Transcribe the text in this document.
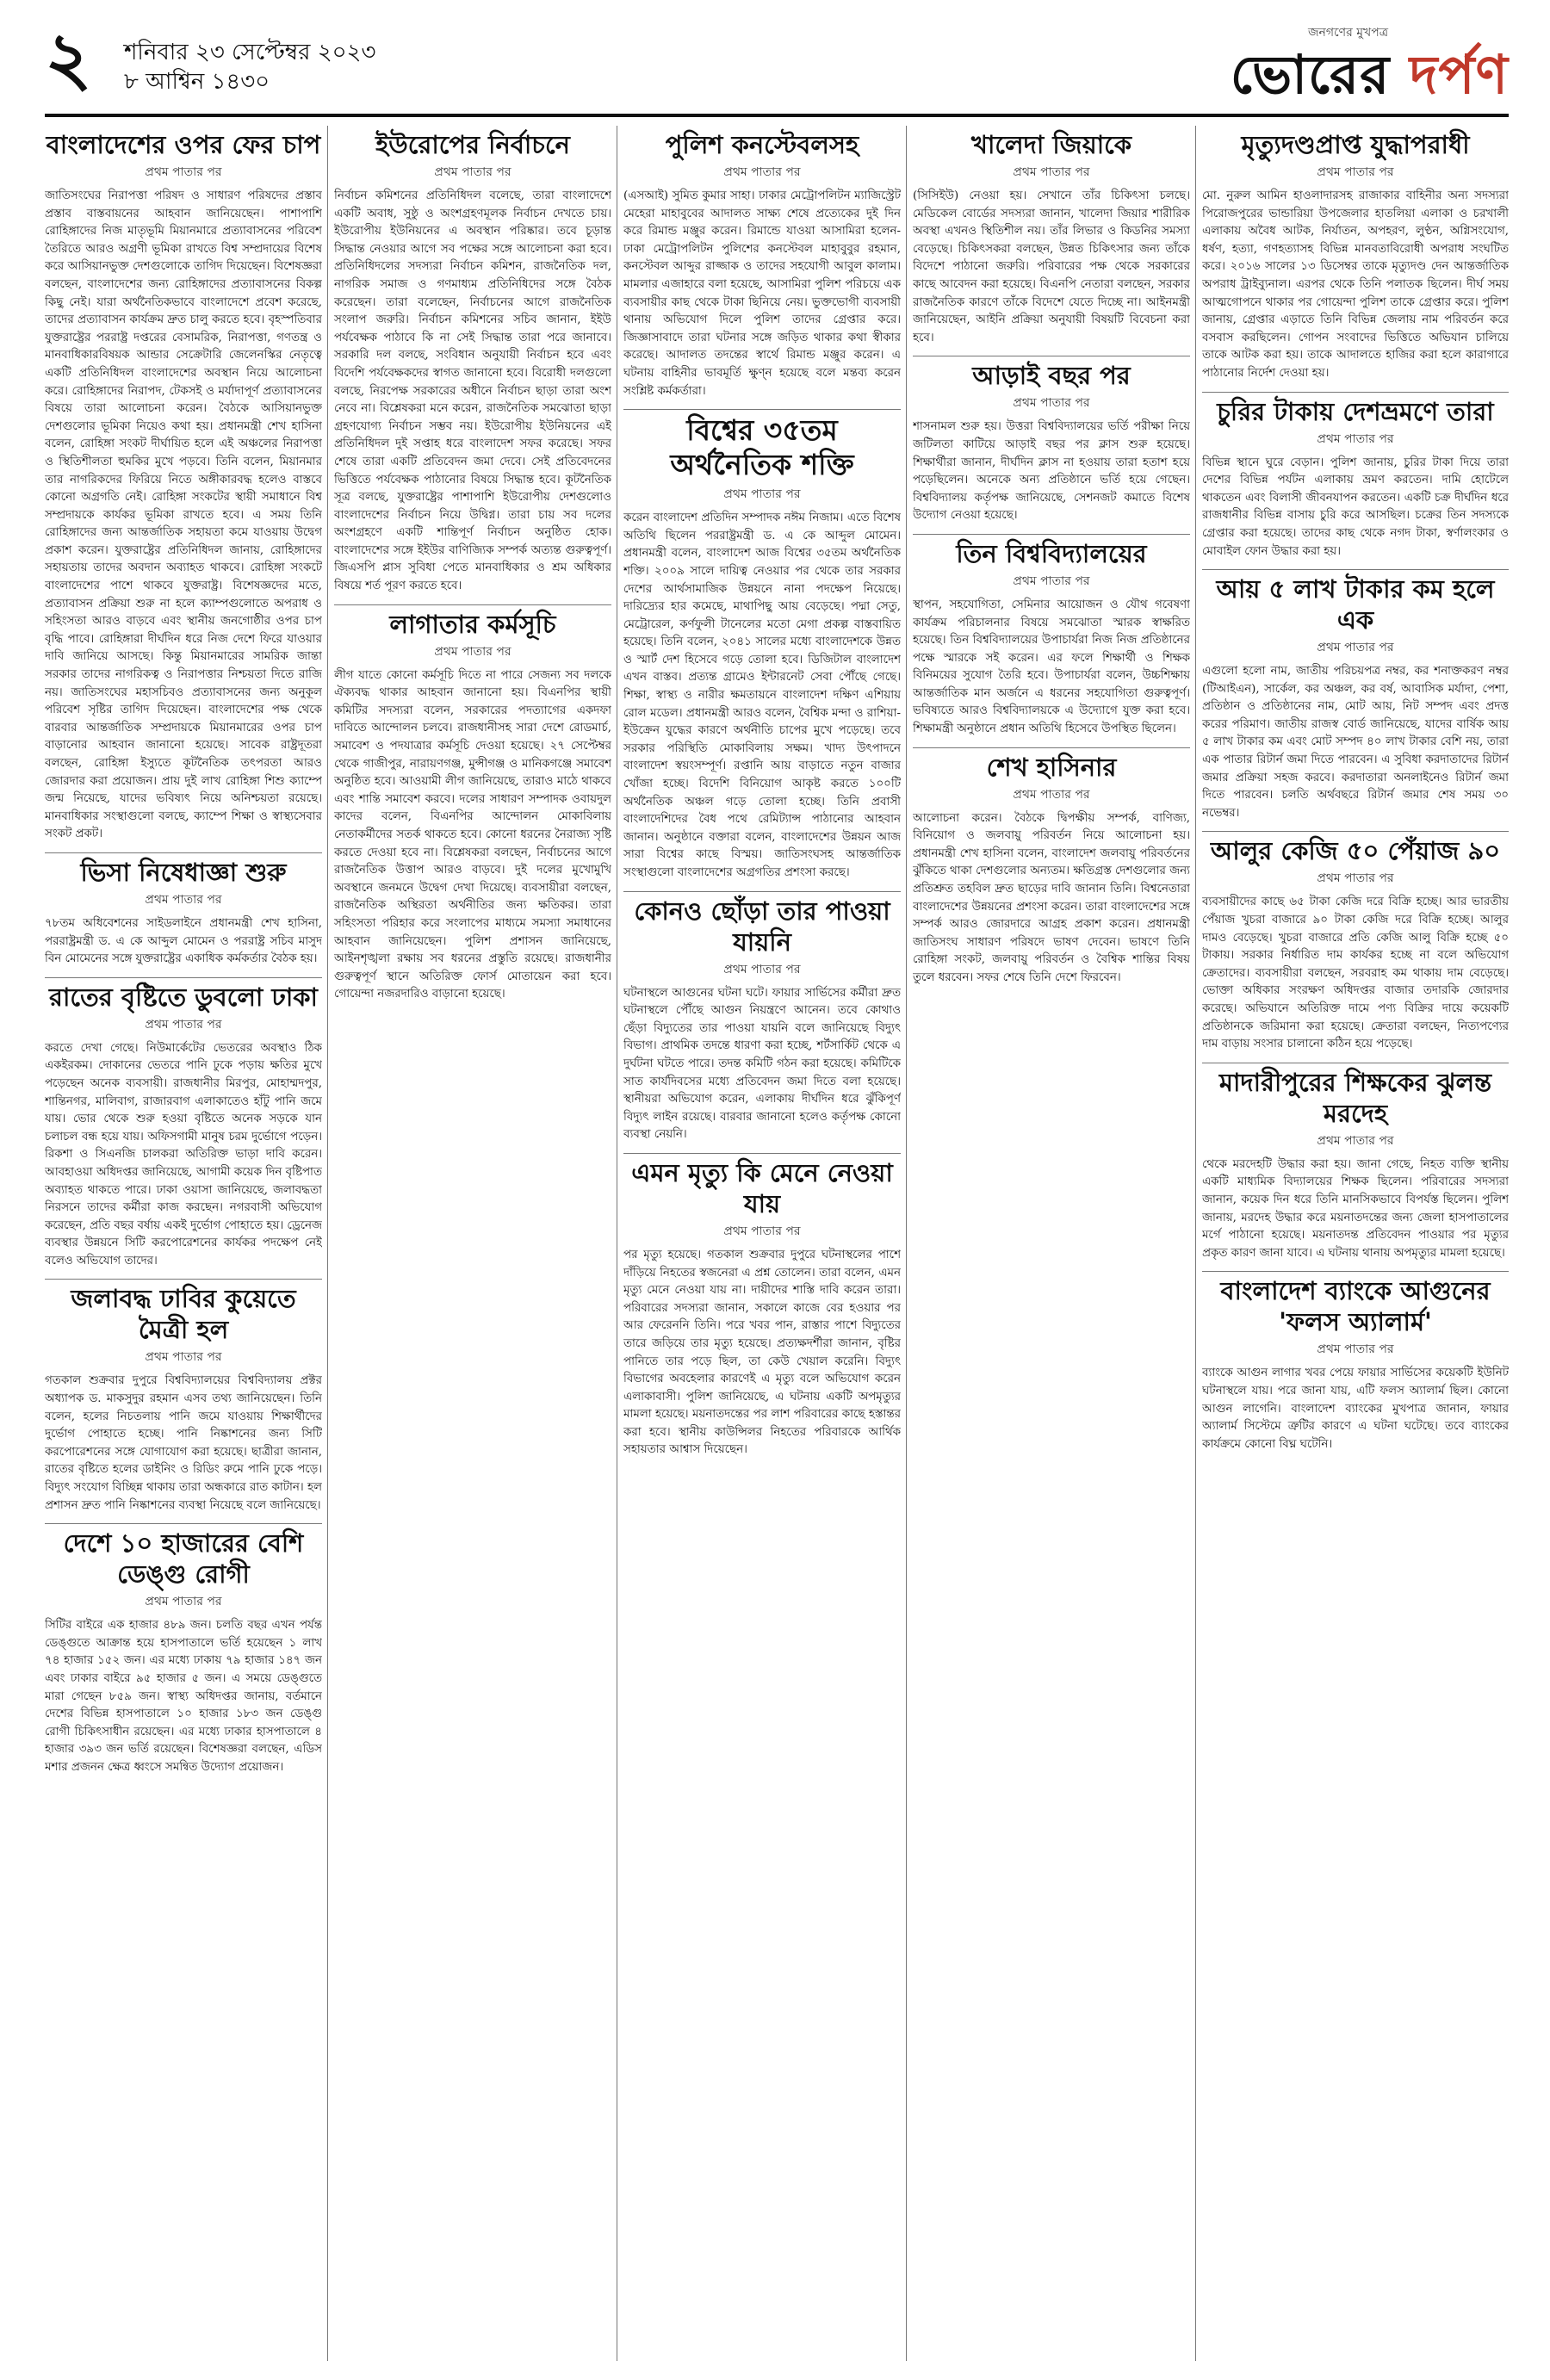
২ শনিবার ২৩ সেপ্টেম্বর ২০২৩
৮ আশ্বিন ১৪৩০
জনগণের মুখপত্র
ভোরের দর্পণ
বাংলাদেশের ওপর ফের চাপ
প্রথম পাতার পর
জাতিসংঘের নিরাপত্তা পরিষদ ও সাধারণ পরিষদের প্রস্তাব প্রস্তাব বাস্তবায়নের আহবান জানিয়েছেন। পাশাপাশি রোহিঙ্গাদের নিজ মাতৃভূমি মিয়ানমারে প্রত্যাবাসনের পরিবেশ তৈরিতে আরও অগ্রণী ভূমিকা রাখতে বিশ্ব সম্প্রদায়ের বিশেষ করে আসিয়ানভুক্ত দেশগুলোকে তাগিদ দিয়েছেন। বিশেষজ্ঞরা বলছেন, বাংলাদেশের জন্য রোহিঙ্গাদের প্রত্যাবাসনের বিকল্প কিছু নেই। যারা অর্থনৈতিকভাবে বাংলাদেশে প্রবেশ করেছে, তাদের প্রত্যাবাসন কার্যক্রম দ্রুত চালু করতে হবে। বৃহস্পতিবার যুক্তরাষ্ট্রের পররাষ্ট্র দপ্তরের বেসামরিক, নিরাপত্তা, গণতন্ত্র ও মানবাধিকারবিষয়ক আন্ডার সেক্রেটারি জেলেনস্কির নেতৃত্বে একটি প্রতিনিধিদল বাংলাদেশের অবস্থান নিয়ে আলোচনা করে। রোহিঙ্গাদের নিরাপদ, টেকসই ও মর্যাদাপূর্ণ প্রত্যাবাসনের বিষয়ে তারা আলোচনা করেন। বৈঠকে আসিয়ানভুক্ত দেশগুলোর ভূমিকা নিয়েও কথা হয়। প্রধানমন্ত্রী শেখ হাসিনা বলেন, রোহিঙ্গা সংকট দীর্ঘায়িত হলে এই অঞ্চলের নিরাপত্তা ও স্থিতিশীলতা হুমকির মুখে পড়বে। তিনি বলেন, মিয়ানমার তার নাগরিকদের ফিরিয়ে নিতে অঙ্গীকারবদ্ধ হলেও বাস্তবে কোনো অগ্রগতি নেই। রোহিঙ্গা সংকটের স্থায়ী সমাধানে বিশ্ব সম্প্রদায়কে কার্যকর ভূমিকা রাখতে হবে। এ সময় তিনি রোহিঙ্গাদের জন্য আন্তর্জাতিক সহায়তা কমে যাওয়ায় উদ্বেগ প্রকাশ করেন। যুক্তরাষ্ট্রের প্রতিনিধিদল জানায়, রোহিঙ্গাদের সহায়তায় তাদের অবদান অব্যাহত থাকবে। রোহিঙ্গা সংকটে বাংলাদেশের পাশে থাকবে যুক্তরাষ্ট্র। বিশেষজ্ঞদের মতে, প্রত্যাবাসন প্রক্রিয়া শুরু না হলে ক্যাম্পগুলোতে অপরাধ ও সহিংসতা আরও বাড়বে এবং স্থানীয় জনগোষ্ঠীর ওপর চাপ বৃদ্ধি পাবে। রোহিঙ্গারা দীর্ঘদিন ধরে নিজ দেশে ফিরে যাওয়ার দাবি জানিয়ে আসছে। কিন্তু মিয়ানমারের সামরিক জান্তা সরকার তাদের নাগরিকত্ব ও নিরাপত্তার নিশ্চয়তা দিতে রাজি নয়। জাতিসংঘের মহাসচিবও প্রত্যাবাসনের জন্য অনুকূল পরিবেশ সৃষ্টির তাগিদ দিয়েছেন। বাংলাদেশের পক্ষ থেকে বারবার আন্তর্জাতিক সম্প্রদায়কে মিয়ানমারের ওপর চাপ বাড়ানোর আহবান জানানো হয়েছে। সাবেক রাষ্ট্রদূতরা বলছেন, রোহিঙ্গা ইস্যুতে কূটনৈতিক তৎপরতা আরও জোরদার করা প্রয়োজন। প্রায় দুই লাখ রোহিঙ্গা শিশু ক্যাম্পে জন্ম নিয়েছে, যাদের ভবিষ্যৎ নিয়ে অনিশ্চয়তা রয়েছে। মানবাধিকার সংস্থাগুলো বলছে, ক্যাম্পে শিক্ষা ও স্বাস্থ্যসেবার সংকট প্রকট।
ভিসা নিষেধাজ্ঞা শুরু
প্রথম পাতার পর
৭৮তম অধিবেশনের সাইডলাইনে প্রধানমন্ত্রী শেখ হাসিনা, পররাষ্ট্রমন্ত্রী ড. এ কে আব্দুল মোমেন ও পররাষ্ট্র সচিব মাসুদ বিন মোমেনের সঙ্গে যুক্তরাষ্ট্রের একাধিক কর্মকর্তার বৈঠক হয়।
রাতের বৃষ্টিতে ডুবলো ঢাকা
প্রথম পাতার পর
করতে দেখা গেছে। নিউমার্কেটের ভেতরের অবস্থাও ঠিক একইরকম। দোকানের ভেতরে পানি ঢুকে পড়ায় ক্ষতির মুখে পড়েছেন অনেক ব্যবসায়ী। রাজধানীর মিরপুর, মোহাম্মদপুর, শান্তিনগর, মালিবাগ, রাজারবাগ এলাকাতেও হাঁটু পানি জমে যায়। ভোর থেকে শুরু হওয়া বৃষ্টিতে অনেক সড়কে যান চলাচল বন্ধ হয়ে যায়। অফিসগামী মানুষ চরম দুর্ভোগে পড়েন। রিকশা ও সিএনজি চালকরা অতিরিক্ত ভাড়া দাবি করেন। আবহাওয়া অধিদপ্তর জানিয়েছে, আগামী কয়েক দিন বৃষ্টিপাত অব্যাহত থাকতে পারে। ঢাকা ওয়াসা জানিয়েছে, জলাবদ্ধতা নিরসনে তাদের কর্মীরা কাজ করছেন। নগরবাসী অভিযোগ করেছেন, প্রতি বছর বর্ষায় একই দুর্ভোগ পোহাতে হয়। ড্রেনেজ ব্যবস্থার উন্নয়নে সিটি করপোরেশনের কার্যকর পদক্ষেপ নেই বলেও অভিযোগ তাদের।
জলাবদ্ধ ঢাবির কুয়েতে মৈত্রী হল
প্রথম পাতার পর
গতকাল শুক্রবার দুপুরে বিশ্ববিদ্যালয়ের বিশ্ববিদ্যালয় প্রক্টর অধ্যাপক ড. মাকসুদুর রহমান এসব তথ্য জানিয়েছেন। তিনি বলেন, হলের নিচতলায় পানি জমে যাওয়ায় শিক্ষার্থীদের দুর্ভোগ পোহাতে হচ্ছে। পানি নিষ্কাশনের জন্য সিটি করপোরেশনের সঙ্গে যোগাযোগ করা হয়েছে। ছাত্রীরা জানান, রাতের বৃষ্টিতে হলের ডাইনিং ও রিডিং রুমে পানি ঢুকে পড়ে। বিদ্যুৎ সংযোগ বিচ্ছিন্ন থাকায় তারা অন্ধকারে রাত কাটান। হল প্রশাসন দ্রুত পানি নিষ্কাশনের ব্যবস্থা নিয়েছে বলে জানিয়েছে।
দেশে ১০ হাজারের বেশি ডেঙ্গু রোগী
প্রথম পাতার পর
সিটির বাইরে এক হাজার ৪৮৯ জন। চলতি বছর এখন পর্যন্ত ডেঙ্গুতে আক্রান্ত হয়ে হাসপাতালে ভর্তি হয়েছেন ১ লাখ ৭৪ হাজার ১৫২ জন। এর মধ্যে ঢাকায় ৭৯ হাজার ১৪৭ জন এবং ঢাকার বাইরে ৯৫ হাজার ৫ জন। এ সময়ে ডেঙ্গুতে মারা গেছেন ৮৫৯ জন। স্বাস্থ্য অধিদপ্তর জানায়, বর্তমানে দেশের বিভিন্ন হাসপাতালে ১০ হাজার ১৮৩ জন ডেঙ্গু রোগী চিকিৎসাধীন রয়েছেন। এর মধ্যে ঢাকার হাসপাতালে ৪ হাজার ৩৯৩ জন ভর্তি রয়েছেন। বিশেষজ্ঞরা বলছেন, এডিস মশার প্রজনন ক্ষেত্র ধ্বংসে সমন্বিত উদ্যোগ প্রয়োজন।
ইউরোপের নির্বাচনে
প্রথম পাতার পর
নির্বাচন কমিশনের প্রতিনিধিদল বলেছে, তারা বাংলাদেশে একটি অবাধ, সুষ্ঠু ও অংশগ্রহণমূলক নির্বাচন দেখতে চায়। ইউরোপীয় ইউনিয়নের এ অবস্থান পরিষ্কার। তবে চূড়ান্ত সিদ্ধান্ত নেওয়ার আগে সব পক্ষের সঙ্গে আলোচনা করা হবে। প্রতিনিধিদলের সদস্যরা নির্বাচন কমিশন, রাজনৈতিক দল, নাগরিক সমাজ ও গণমাধ্যম প্রতিনিধিদের সঙ্গে বৈঠক করেছেন। তারা বলেছেন, নির্বাচনের আগে রাজনৈতিক সংলাপ জরুরি। নির্বাচন কমিশনের সচিব জানান, ইইউ পর্যবেক্ষক পাঠাবে কি না সেই সিদ্ধান্ত তারা পরে জানাবে। সরকারি দল বলছে, সংবিধান অনুযায়ী নির্বাচন হবে এবং বিদেশি পর্যবেক্ষকদের স্বাগত জানানো হবে। বিরোধী দলগুলো বলছে, নিরপেক্ষ সরকারের অধীনে নির্বাচন ছাড়া তারা অংশ নেবে না। বিশ্লেষকরা মনে করেন, রাজনৈতিক সমঝোতা ছাড়া গ্রহণযোগ্য নির্বাচন সম্ভব নয়। ইউরোপীয় ইউনিয়নের এই প্রতিনিধিদল দুই সপ্তাহ ধরে বাংলাদেশ সফর করেছে। সফর শেষে তারা একটি প্রতিবেদন জমা দেবে। সেই প্রতিবেদনের ভিত্তিতে পর্যবেক্ষক পাঠানোর বিষয়ে সিদ্ধান্ত হবে। কূটনৈতিক সূত্র বলছে, যুক্তরাষ্ট্রের পাশাপাশি ইউরোপীয় দেশগুলোও বাংলাদেশের নির্বাচন নিয়ে উদ্বিগ্ন। তারা চায় সব দলের অংশগ্রহণে একটি শান্তিপূর্ণ নির্বাচন অনুষ্ঠিত হোক। বাংলাদেশের সঙ্গে ইইউর বাণিজ্যিক সম্পর্ক অত্যন্ত গুরুত্বপূর্ণ। জিএসপি প্লাস সুবিধা পেতে মানবাধিকার ও শ্রম অধিকার বিষয়ে শর্ত পূরণ করতে হবে।
লাগাতার কর্মসূচি
প্রথম পাতার পর
লীগ যাতে কোনো কর্মসূচি দিতে না পারে সেজন্য সব দলকে ঐক্যবদ্ধ থাকার আহবান জানানো হয়। বিএনপির স্থায়ী কমিটির সদস্যরা বলেন, সরকারের পদত্যাগের একদফা দাবিতে আন্দোলন চলবে। রাজধানীসহ সারা দেশে রোডমার্চ, সমাবেশ ও পদযাত্রার কর্মসূচি দেওয়া হয়েছে। ২৭ সেপ্টেম্বর থেকে গাজীপুর, নারায়ণগঞ্জ, মুন্সীগঞ্জ ও মানিকগঞ্জে সমাবেশ অনুষ্ঠিত হবে। আওয়ামী লীগ জানিয়েছে, তারাও মাঠে থাকবে এবং শান্তি সমাবেশ করবে। দলের সাধারণ সম্পাদক ওবায়দুল কাদের বলেন, বিএনপির আন্দোলন মোকাবিলায় নেতাকর্মীদের সতর্ক থাকতে হবে। কোনো ধরনের নৈরাজ্য সৃষ্টি করতে দেওয়া হবে না। বিশ্লেষকরা বলছেন, নির্বাচনের আগে রাজনৈতিক উত্তাপ আরও বাড়বে। দুই দলের মুখোমুখি অবস্থানে জনমনে উদ্বেগ দেখা দিয়েছে। ব্যবসায়ীরা বলছেন, রাজনৈতিক অস্থিরতা অর্থনীতির জন্য ক্ষতিকর। তারা সহিংসতা পরিহার করে সংলাপের মাধ্যমে সমস্যা সমাধানের আহবান জানিয়েছেন। পুলিশ প্রশাসন জানিয়েছে, আইনশৃঙ্খলা রক্ষায় সব ধরনের প্রস্তুতি রয়েছে। রাজধানীর গুরুত্বপূর্ণ স্থানে অতিরিক্ত ফোর্স মোতায়েন করা হবে। গোয়েন্দা নজরদারিও বাড়ানো হয়েছে।
পুলিশ কনস্টেবলসহ
প্রথম পাতার পর
(এসআই) সুমিত কুমার সাহা। ঢাকার মেট্রোপলিটন ম্যাজিস্ট্রেট মেহেরা মাহাবুবের আদালত সাক্ষ্য শেষে প্রত্যেকের দুই দিন করে রিমান্ড মঞ্জুর করেন। রিমান্ডে যাওয়া আসামিরা হলেন- ঢাকা মেট্রোপলিটন পুলিশের কনস্টেবল মাহাবুবুর রহমান, কনস্টেবল আব্দুর রাজ্জাক ও তাদের সহযোগী আবুল কালাম। মামলার এজাহারে বলা হয়েছে, আসামিরা পুলিশ পরিচয়ে এক ব্যবসায়ীর কাছ থেকে টাকা ছিনিয়ে নেয়। ভুক্তভোগী ব্যবসায়ী থানায় অভিযোগ দিলে পুলিশ তাদের গ্রেপ্তার করে। জিজ্ঞাসাবাদে তারা ঘটনার সঙ্গে জড়িত থাকার কথা স্বীকার করেছে। আদালত তদন্তের স্বার্থে রিমান্ড মঞ্জুর করেন। এ ঘটনায় বাহিনীর ভাবমূর্তি ক্ষুণ্ন হয়েছে বলে মন্তব্য করেন সংশ্লিষ্ট কর্মকর্তারা।
বিশ্বের ৩৫তম অর্থনৈতিক শক্তি
প্রথম পাতার পর
করেন বাংলাদেশ প্রতিদিন সম্পাদক নঈম নিজাম। এতে বিশেষ অতিথি ছিলেন পররাষ্ট্রমন্ত্রী ড. এ কে আব্দুল মোমেন। প্রধানমন্ত্রী বলেন, বাংলাদেশ আজ বিশ্বের ৩৫তম অর্থনৈতিক শক্তি। ২০০৯ সালে দায়িত্ব নেওয়ার পর থেকে তার সরকার দেশের আর্থসামাজিক উন্নয়নে নানা পদক্ষেপ নিয়েছে। দারিদ্র্যের হার কমেছে, মাথাপিছু আয় বেড়েছে। পদ্মা সেতু, মেট্রোরেল, কর্ণফুলী টানেলের মতো মেগা প্রকল্প বাস্তবায়িত হয়েছে। তিনি বলেন, ২০৪১ সালের মধ্যে বাংলাদেশকে উন্নত ও স্মার্ট দেশ হিসেবে গড়ে তোলা হবে। ডিজিটাল বাংলাদেশ এখন বাস্তব। প্রত্যন্ত গ্রামেও ইন্টারনেট সেবা পৌঁছে গেছে। শিক্ষা, স্বাস্থ্য ও নারীর ক্ষমতায়নে বাংলাদেশ দক্ষিণ এশিয়ায় রোল মডেল। প্রধানমন্ত্রী আরও বলেন, বৈশ্বিক মন্দা ও রাশিয়া-ইউক্রেন যুদ্ধের কারণে অর্থনীতি চাপের মুখে পড়েছে। তবে সরকার পরিস্থিতি মোকাবিলায় সক্ষম। খাদ্য উৎপাদনে বাংলাদেশ স্বয়ংসম্পূর্ণ। রপ্তানি আয় বাড়াতে নতুন বাজার খোঁজা হচ্ছে। বিদেশি বিনিয়োগ আকৃষ্ট করতে ১০০টি অর্থনৈতিক অঞ্চল গড়ে তোলা হচ্ছে। তিনি প্রবাসী বাংলাদেশিদের বৈধ পথে রেমিট্যান্স পাঠানোর আহবান জানান। অনুষ্ঠানে বক্তারা বলেন, বাংলাদেশের উন্নয়ন আজ সারা বিশ্বের কাছে বিস্ময়। জাতিসংঘসহ আন্তর্জাতিক সংস্থাগুলো বাংলাদেশের অগ্রগতির প্রশংসা করছে।
কোনও ছোঁড়া তার পাওয়া যায়নি
প্রথম পাতার পর
ঘটনাস্থলে আগুনের ঘটনা ঘটে। ফায়ার সার্ভিসের কর্মীরা দ্রুত ঘটনাস্থলে পৌঁছে আগুন নিয়ন্ত্রণে আনেন। তবে কোথাও ছেঁড়া বিদ্যুতের তার পাওয়া যায়নি বলে জানিয়েছে বিদ্যুৎ বিভাগ। প্রাথমিক তদন্তে ধারণা করা হচ্ছে, শর্টসার্কিট থেকে এ দুর্ঘটনা ঘটতে পারে। তদন্ত কমিটি গঠন করা হয়েছে। কমিটিকে সাত কার্যদিবসের মধ্যে প্রতিবেদন জমা দিতে বলা হয়েছে। স্থানীয়রা অভিযোগ করেন, এলাকায় দীর্ঘদিন ধরে ঝুঁকিপূর্ণ বিদ্যুৎ লাইন রয়েছে। বারবার জানানো হলেও কর্তৃপক্ষ কোনো ব্যবস্থা নেয়নি।
এমন মৃত্যু কি মেনে নেওয়া যায়
প্রথম পাতার পর
পর মৃত্যু হয়েছে। গতকাল শুক্রবার দুপুরে ঘটনাস্থলের পাশে দাঁড়িয়ে নিহতের স্বজনেরা এ প্রশ্ন তোলেন। তারা বলেন, এমন মৃত্যু মেনে নেওয়া যায় না। দায়ীদের শাস্তি দাবি করেন তারা। পরিবারের সদস্যরা জানান, সকালে কাজে বের হওয়ার পর আর ফেরেননি তিনি। পরে খবর পান, রাস্তার পাশে বিদ্যুতের তারে জড়িয়ে তার মৃত্যু হয়েছে। প্রত্যক্ষদর্শীরা জানান, বৃষ্টির পানিতে তার পড়ে ছিল, তা কেউ খেয়াল করেনি। বিদ্যুৎ বিভাগের অবহেলার কারণেই এ মৃত্যু বলে অভিযোগ করেন এলাকাবাসী। পুলিশ জানিয়েছে, এ ঘটনায় একটি অপমৃত্যুর মামলা হয়েছে। ময়নাতদন্তের পর লাশ পরিবারের কাছে হস্তান্তর করা হবে। স্থানীয় কাউন্সিলর নিহতের পরিবারকে আর্থিক সহায়তার আশ্বাস দিয়েছেন।
খালেদা জিয়াকে
প্রথম পাতার পর
(সিসিইউ) নেওয়া হয়। সেখানে তাঁর চিকিৎসা চলছে। মেডিকেল বোর্ডের সদস্যরা জানান, খালেদা জিয়ার শারীরিক অবস্থা এখনও স্থিতিশীল নয়। তাঁর লিভার ও কিডনির সমস্যা বেড়েছে। চিকিৎসকরা বলছেন, উন্নত চিকিৎসার জন্য তাঁকে বিদেশে পাঠানো জরুরি। পরিবারের পক্ষ থেকে সরকারের কাছে আবেদন করা হয়েছে। বিএনপি নেতারা বলছেন, সরকার রাজনৈতিক কারণে তাঁকে বিদেশে যেতে দিচ্ছে না। আইনমন্ত্রী জানিয়েছেন, আইনি প্রক্রিয়া অনুযায়ী বিষয়টি বিবেচনা করা হবে।
আড়াই বছর পর
প্রথম পাতার পর
শাসনামল শুরু হয়। উত্তরা বিশ্ববিদ্যালয়ের ভর্তি পরীক্ষা নিয়ে জটিলতা কাটিয়ে আড়াই বছর পর ক্লাস শুরু হয়েছে। শিক্ষার্থীরা জানান, দীর্ঘদিন ক্লাস না হওয়ায় তারা হতাশ হয়ে পড়েছিলেন। অনেকে অন্য প্রতিষ্ঠানে ভর্তি হয়ে গেছেন। বিশ্ববিদ্যালয় কর্তৃপক্ষ জানিয়েছে, সেশনজট কমাতে বিশেষ উদ্যোগ নেওয়া হয়েছে।
তিন বিশ্ববিদ্যালয়ের
প্রথম পাতার পর
স্থাপন, সহযোগিতা, সেমিনার আয়োজন ও যৌথ গবেষণা কার্যক্রম পরিচালনার বিষয়ে সমঝোতা স্মারক স্বাক্ষরিত হয়েছে। তিন বিশ্ববিদ্যালয়ের উপাচার্যরা নিজ নিজ প্রতিষ্ঠানের পক্ষে স্মারকে সই করেন। এর ফলে শিক্ষার্থী ও শিক্ষক বিনিময়ের সুযোগ তৈরি হবে। উপাচার্যরা বলেন, উচ্চশিক্ষায় আন্তর্জাতিক মান অর্জনে এ ধরনের সহযোগিতা গুরুত্বপূর্ণ। ভবিষ্যতে আরও বিশ্ববিদ্যালয়কে এ উদ্যোগে যুক্ত করা হবে। শিক্ষামন্ত্রী অনুষ্ঠানে প্রধান অতিথি হিসেবে উপস্থিত ছিলেন।
শেখ হাসিনার
প্রথম পাতার পর
আলোচনা করেন। বৈঠকে দ্বিপক্ষীয় সম্পর্ক, বাণিজ্য, বিনিয়োগ ও জলবায়ু পরিবর্তন নিয়ে আলোচনা হয়। প্রধানমন্ত্রী শেখ হাসিনা বলেন, বাংলাদেশ জলবায়ু পরিবর্তনের ঝুঁকিতে থাকা দেশগুলোর অন্যতম। ক্ষতিগ্রস্ত দেশগুলোর জন্য প্রতিশ্রুত তহবিল দ্রুত ছাড়ের দাবি জানান তিনি। বিশ্বনেতারা বাংলাদেশের উন্নয়নের প্রশংসা করেন। তারা বাংলাদেশের সঙ্গে সম্পর্ক আরও জোরদারে আগ্রহ প্রকাশ করেন। প্রধানমন্ত্রী জাতিসংঘ সাধারণ পরিষদে ভাষণ দেবেন। ভাষণে তিনি রোহিঙ্গা সংকট, জলবায়ু পরিবর্তন ও বৈশ্বিক শান্তির বিষয় তুলে ধরবেন। সফর শেষে তিনি দেশে ফিরবেন।
মৃত্যুদণ্ডপ্রাপ্ত যুদ্ধাপরাধী
প্রথম পাতার পর
মো. নুরুল আমিন হাওলাদারসহ রাজাকার বাহিনীর অন্য সদস্যরা পিরোজপুরের ভান্ডারিয়া উপজেলার হাতলিয়া এলাকা ও চরখালী এলাকায় অবৈধ আটক, নির্যাতন, অপহরণ, লুণ্ঠন, অগ্নিসংযোগ, ধর্ষণ, হত্যা, গণহত্যাসহ বিভিন্ন মানবতাবিরোধী অপরাধ সংঘটিত করে। ২০১৬ সালের ১৩ ডিসেম্বর তাকে মৃত্যুদণ্ড দেন আন্তর্জাতিক অপরাধ ট্রাইব্যুনাল। এরপর থেকে তিনি পলাতক ছিলেন। দীর্ঘ সময় আত্মগোপনে থাকার পর গোয়েন্দা পুলিশ তাকে গ্রেপ্তার করে। পুলিশ জানায়, গ্রেপ্তার এড়াতে তিনি বিভিন্ন জেলায় নাম পরিবর্তন করে বসবাস করছিলেন। গোপন সংবাদের ভিত্তিতে অভিযান চালিয়ে তাকে আটক করা হয়। তাকে আদালতে হাজির করা হলে কারাগারে পাঠানোর নির্দেশ দেওয়া হয়।
চুরির টাকায় দেশভ্রমণে তারা
প্রথম পাতার পর
বিভিন্ন স্থানে ঘুরে বেড়ান। পুলিশ জানায়, চুরির টাকা দিয়ে তারা দেশের বিভিন্ন পর্যটন এলাকায় ভ্রমণ করতেন। দামি হোটেলে থাকতেন এবং বিলাসী জীবনযাপন করতেন। একটি চক্র দীর্ঘদিন ধরে রাজধানীর বিভিন্ন বাসায় চুরি করে আসছিল। চক্রের তিন সদস্যকে গ্রেপ্তার করা হয়েছে। তাদের কাছ থেকে নগদ টাকা, স্বর্ণালংকার ও মোবাইল ফোন উদ্ধার করা হয়।
আয় ৫ লাখ টাকার কম হলে এক
প্রথম পাতার পর
এগুলো হলো নাম, জাতীয় পরিচয়পত্র নম্বর, কর শনাক্তকরণ নম্বর (টিআইএন), সার্কেল, কর অঞ্চল, কর বর্ষ, আবাসিক মর্যাদা, পেশা, প্রতিষ্ঠান ও প্রতিষ্ঠানের নাম, মোট আয়, নিট সম্পদ এবং প্রদত্ত করের পরিমাণ। জাতীয় রাজস্ব বোর্ড জানিয়েছে, যাদের বার্ষিক আয় ৫ লাখ টাকার কম এবং মোট সম্পদ ৪০ লাখ টাকার বেশি নয়, তারা এক পাতার রিটার্ন জমা দিতে পারবেন। এ সুবিধা করদাতাদের রিটার্ন জমার প্রক্রিয়া সহজ করবে। করদাতারা অনলাইনেও রিটার্ন জমা দিতে পারবেন। চলতি অর্থবছরে রিটার্ন জমার শেষ সময় ৩০ নভেম্বর।
আলুর কেজি ৫০ পেঁয়াজ ৯০
প্রথম পাতার পর
ব্যবসায়ীদের কাছে ৬৫ টাকা কেজি দরে বিক্রি হচ্ছে। আর ভারতীয় পেঁয়াজ খুচরা বাজারে ৯০ টাকা কেজি দরে বিক্রি হচ্ছে। আলুর দামও বেড়েছে। খুচরা বাজারে প্রতি কেজি আলু বিক্রি হচ্ছে ৫০ টাকায়। সরকার নির্ধারিত দাম কার্যকর হচ্ছে না বলে অভিযোগ ক্রেতাদের। ব্যবসায়ীরা বলছেন, সরবরাহ কম থাকায় দাম বেড়েছে। ভোক্তা অধিকার সংরক্ষণ অধিদপ্তর বাজার তদারকি জোরদার করেছে। অভিযানে অতিরিক্ত দামে পণ্য বিক্রির দায়ে কয়েকটি প্রতিষ্ঠানকে জরিমানা করা হয়েছে। ক্রেতারা বলছেন, নিত্যপণ্যের দাম বাড়ায় সংসার চালানো কঠিন হয়ে পড়েছে।
মাদারীপুরের শিক্ষকের ঝুলন্ত মরদেহ
প্রথম পাতার পর
থেকে মরদেহটি উদ্ধার করা হয়। জানা গেছে, নিহত ব্যক্তি স্থানীয় একটি মাধ্যমিক বিদ্যালয়ের শিক্ষক ছিলেন। পরিবারের সদস্যরা জানান, কয়েক দিন ধরে তিনি মানসিকভাবে বিপর্যস্ত ছিলেন। পুলিশ জানায়, মরদেহ উদ্ধার করে ময়নাতদন্তের জন্য জেলা হাসপাতালের মর্গে পাঠানো হয়েছে। ময়নাতদন্ত প্রতিবেদন পাওয়ার পর মৃত্যুর প্রকৃত কারণ জানা যাবে। এ ঘটনায় থানায় অপমৃত্যুর মামলা হয়েছে।
বাংলাদেশ ব্যাংকে আগুনের 'ফলস অ্যালার্ম'
প্রথম পাতার পর
ব্যাংকে আগুন লাগার খবর পেয়ে ফায়ার সার্ভিসের কয়েকটি ইউনিট ঘটনাস্থলে যায়। পরে জানা যায়, এটি ফলস অ্যালার্ম ছিল। কোনো আগুন লাগেনি। বাংলাদেশ ব্যাংকের মুখপাত্র জানান, ফায়ার অ্যালার্ম সিস্টেমে ত্রুটির কারণে এ ঘটনা ঘটেছে। তবে ব্যাংকের কার্যক্রমে কোনো বিঘ্ন ঘটেনি।
